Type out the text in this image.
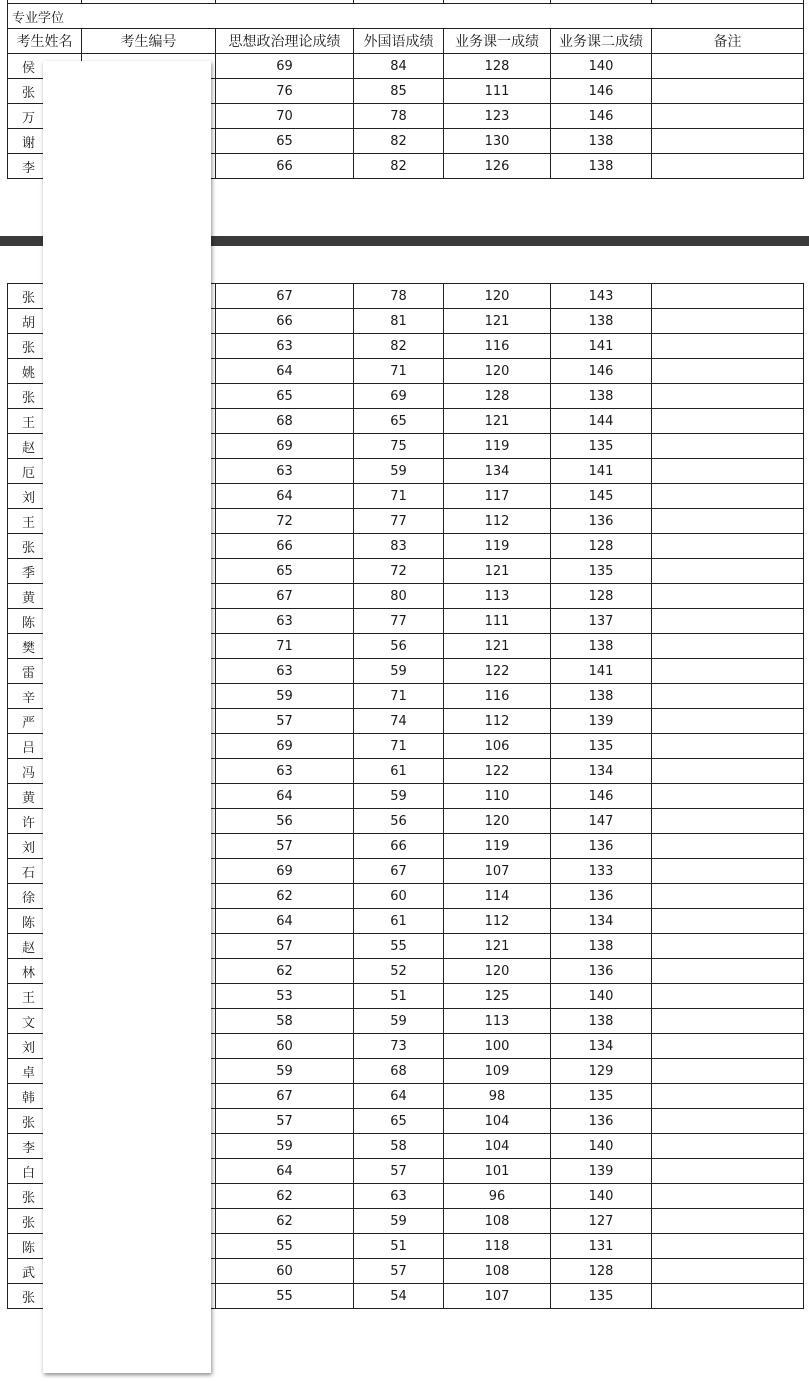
专业学位						
考生姓名	考生编号	思想政治理论成绩	外国语成绩	业务课一成绩	业务课二成绩	备注
侯		69	84	128	140	
张		76	85	111	146	
万		70	78	123	146	
谢		65	82	130	138	
李		66	82	126	138	
张		67	78	120	143	
胡		66	81	121	138	
张		63	82	116	141	
姚		64	71	120	146	
张		65	69	128	138	
王		68	65	121	144	
赵		69	75	119	135	
厄		63	59	134	141	
刘		64	71	117	145	
王		72	77	112	136	
张		66	83	119	128	
季		65	72	121	135	
黄		67	80	113	128	
陈		63	77	111	137	
樊		71	56	121	138	
雷		63	59	122	141	
辛		59	71	116	138	
严		57	74	112	139	
吕		69	71	106	135	
冯		63	61	122	134	
黄		64	59	110	146	
许		56	56	120	147	
刘		57	66	119	136	
石		69	67	107	133	
徐		62	60	114	136	
陈		64	61	112	134	
赵		57	55	121	138	
林		62	52	120	136	
王		53	51	125	140	
文		58	59	113	138	
刘		60	73	100	134	
卓		59	68	109	129	
韩		67	64	98	135	
张		57	65	104	136	
李		59	58	104	140	
白		64	57	101	139	
张		62	63	96	140	
张		62	59	108	127	
陈		55	51	118	131	
武		60	57	108	128	
张		55	54	107	135	
